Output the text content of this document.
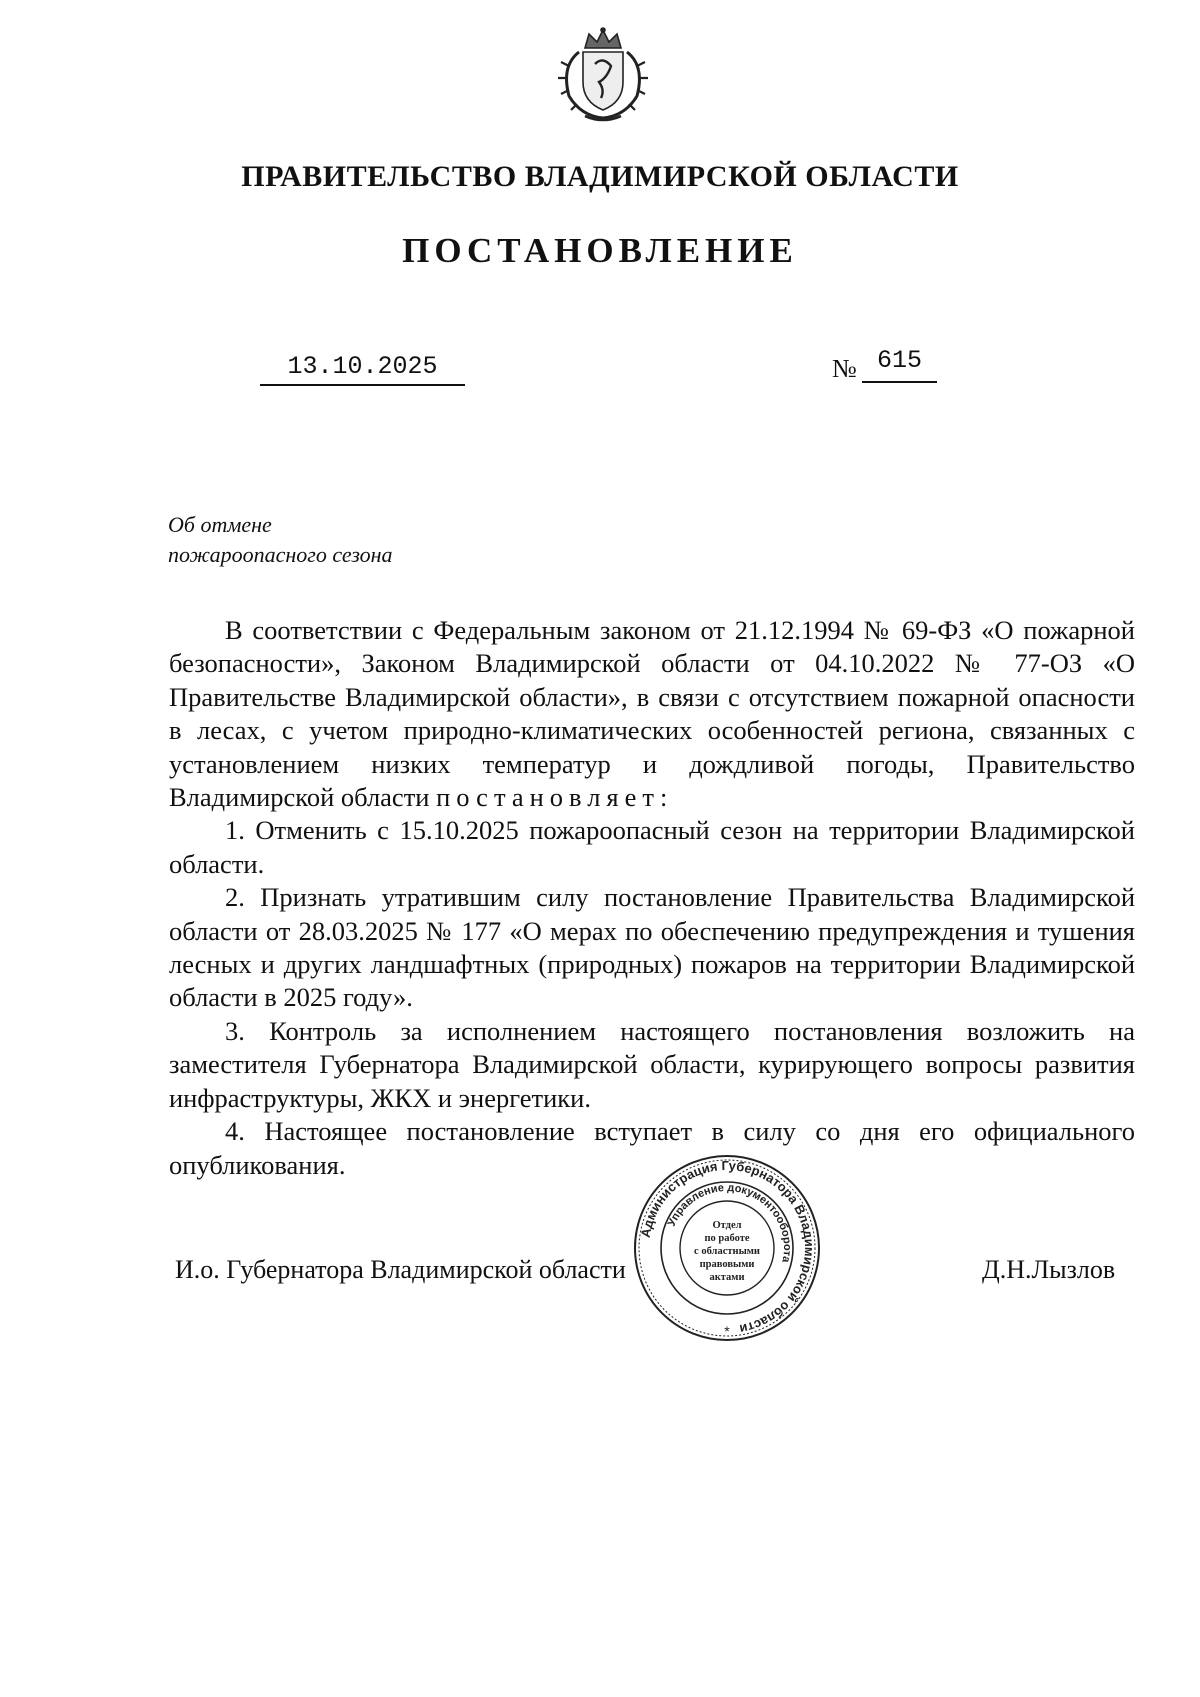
ПРАВИТЕЛЬСТВО ВЛАДИМИРСКОЙ ОБЛАСТИ
ПОСТАНОВЛЕНИЕ
13.10.2025	№ 615
Об отмене
пожароопасного сезона

В соответствии с Федеральным законом от 21.12.1994 № 69-ФЗ «О пожарной безопасности», Законом Владимирской области от 04.10.2022 № 77-ОЗ «О Правительстве Владимирской области», в связи с отсутствием пожарной опасности в лесах, с учетом природно-климатических особенностей региона, связанных с установлением низких температур и дождливой погоды, Правительство Владимирской области постановляет:

1. Отменить с 15.10.2025 пожароопасный сезон на территории Владимирской области.

2. Признать утратившим силу постановление Правительства Владимирской области от 28.03.2025 № 177 «О мерах по обеспечению предупреждения и тушения лесных и других ландшафтных (природных) пожаров на территории Владимирской области в 2025 году».

3. Контроль за исполнением настоящего постановления возложить на заместителя Губернатора Владимирской области, курирующего вопросы развития инфраструктуры, ЖКХ и энергетики.

4. Настоящее постановление вступает в силу со дня его официального опубликования.

И.о. Губернатора Владимирской области	Д.Н.Лызлов
Администрация Губернатора Владимирской области
Управление документооборота
Отдел
по работе
с областными
правовыми
актами
*
